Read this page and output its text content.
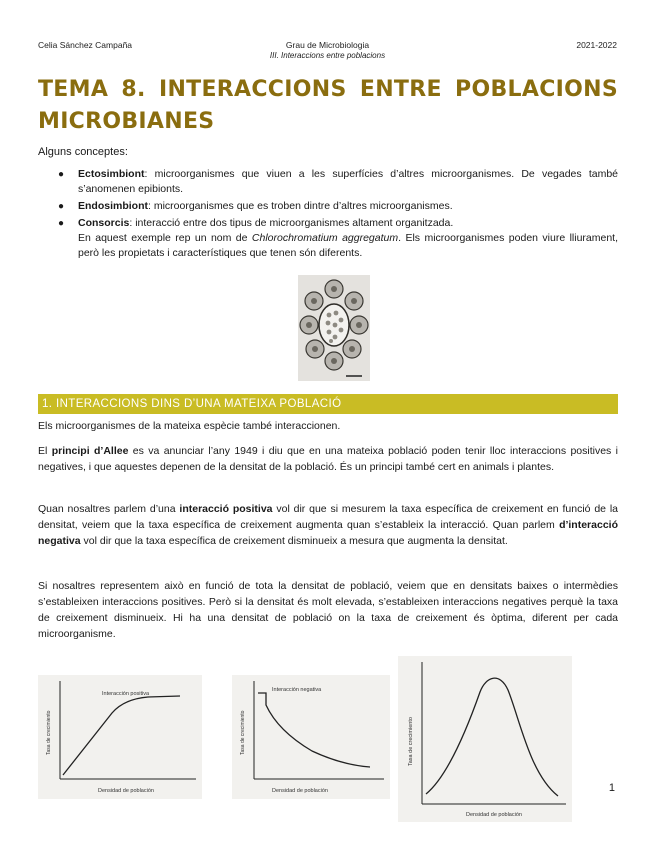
Celia Sánchez Campaña	Grau de Microbiologia
III. Interaccions entre poblacions
2021-2022
TEMA 8. INTERACCIONS ENTRE POBLACIONS MICROBIANES
Alguns conceptes:
● Ectosimbiont: microorganismes que viuen a les superfícies d’altres microorganismes. De vegades també s’anomenen epibionts.
● Endosimbiont: microorganismes que es troben dintre d’altres microorganismes.
● Consorcis: interacció entre dos tipus de microorganismes altament organitzada.
En aquest exemple rep un nom de Chlorochromatium aggregatum. Els microorganismes poden viure lliurament, però les propietats i característiques que tenen són diferents.
1. INTERACCIONS DINS D’UNA MATEIXA POBLACIÓ

Els microorganismes de la mateixa espècie també interaccionen.

El principi d’Allee es va anunciar l’any 1949 i diu que en una mateixa població poden tenir lloc interaccions positives i negatives, i que aquestes depenen de la densitat de la població. És un principi també cert en animals i plantes.

Quan nosaltres parlem d’una interacció positiva vol dir que si mesurem la taxa específica de creixement en funció de la densitat, veiem que la taxa específica de creixement augmenta quan s’estableix la interacció. Quan parlem d’interacció negativa vol dir que la taxa específica de creixement disminueix a mesura que augmenta la densitat.

Si nosaltres representem això en funció de tota la densitat de població, veiem que en densitats baixes o intermèdies s’estableixen interaccions positives. Però si la densitat és molt elevada, s’estableixen interaccions negatives perquè la taxa de creixement disminueix. Hi ha una densitat de població on la taxa de creixement és òptima, diferent per cada microorganisme.

Interacción positiva
Tasa de crecimiento
Densidad de población
Interacción negativa
Tasa de crecimiento
Densidad de población
Tasa de crecimiento
Densidad de población
1
